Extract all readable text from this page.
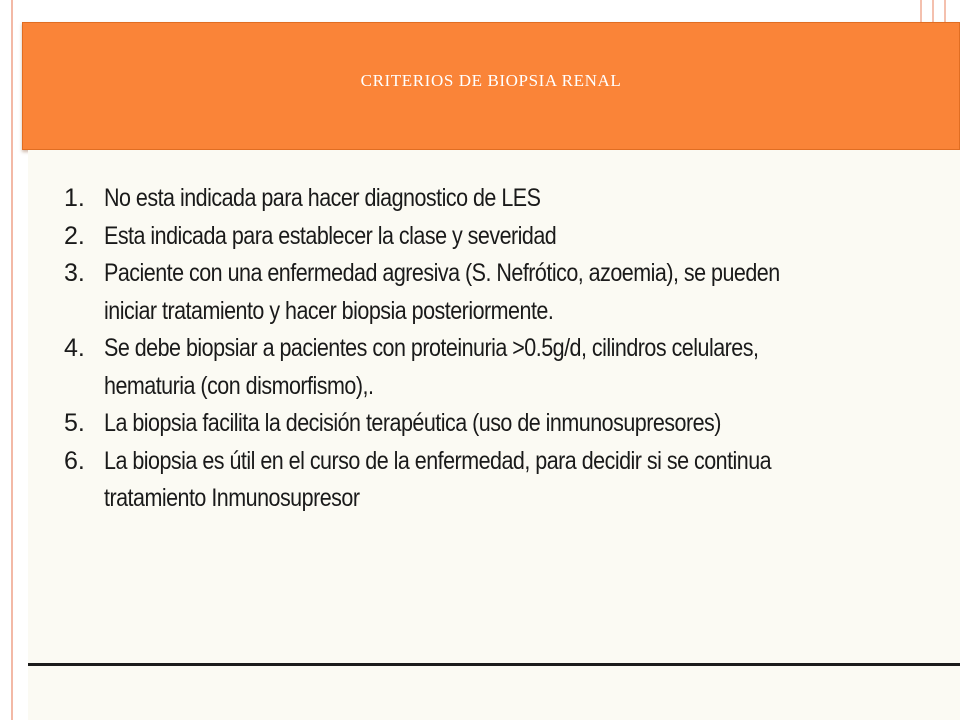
CRITERIOS DE BIOPSIA RENAL
1. No esta indicada para hacer diagnostico de LES
2. Esta indicada para establecer la clase y severidad
3. Paciente con una enfermedad agresiva (S. Nefrótico, azoemia), se pueden iniciar tratamiento y hacer biopsia posteriormente.
4. Se debe biopsiar a pacientes con proteinuria >0.5g/d, cilindros celulares, hematuria (con dismorfismo),.
5. La biopsia facilita la decisión terapéutica (uso de inmunosupresores)
6. La biopsia es útil en el curso de la enfermedad, para decidir si se continua tratamiento Inmunosupresor
